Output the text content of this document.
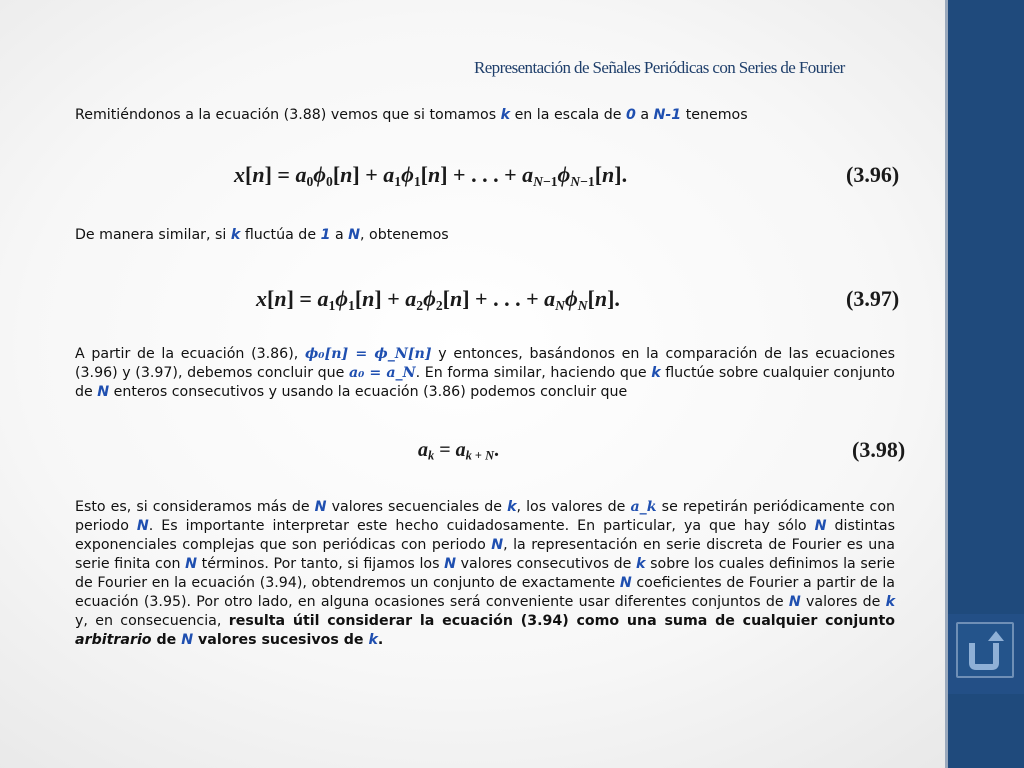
Representación de Señales Periódicas con Series de Fourier
Remitiéndonos a la ecuación (3.88) vemos que si tomamos k en la escala de 0 a N-1 tenemos
$x[n] = a_0\phi_0[n] + a_1\phi_1[n]$ + . . . + $a_{N-1}\phi_{N-1}[n]$.	(3.96)
De manera similar, si k fluctúa de 1 a N, obtenemos
$x[n] = a_1\phi_1[n] + a_2\phi_2[n]$ + . . . + $a_N\phi_N[n]$.	(3.97)
A partir de la ecuación (3.86), ϕ₀[n] = ϕ_N[n] y entonces, basándonos en la comparación de las ecuaciones (3.96) y (3.97), debemos concluir que a₀ = a_N. En forma similar, haciendo que k fluctúe sobre cualquier conjunto de N enteros consecutivos y usando la ecuación (3.86) podemos concluir que
$a_k = a_{k + N}$.	(3.98)
Esto es, si consideramos más de N valores secuenciales de k, los valores de a_k se repetirán periódicamente con periodo N. Es importante interpretar este hecho cuidadosamente. En particular, ya que hay sólo N distintas exponenciales complejas que son periódicas con periodo N, la representación en serie discreta de Fourier es una serie finita con N términos. Por tanto, si fijamos los N valores consecutivos de k sobre los cuales definimos la serie de Fourier en la ecuación (3.94), obtendremos un conjunto de exactamente N coeficientes de Fourier a partir de la ecuación (3.95). Por otro lado, en alguna ocasiones será conveniente usar diferentes conjuntos de N valores de k y, en consecuencia, resulta útil considerar la ecuación (3.94) como una suma de cualquier conjunto arbitrario de N valores sucesivos de k.
